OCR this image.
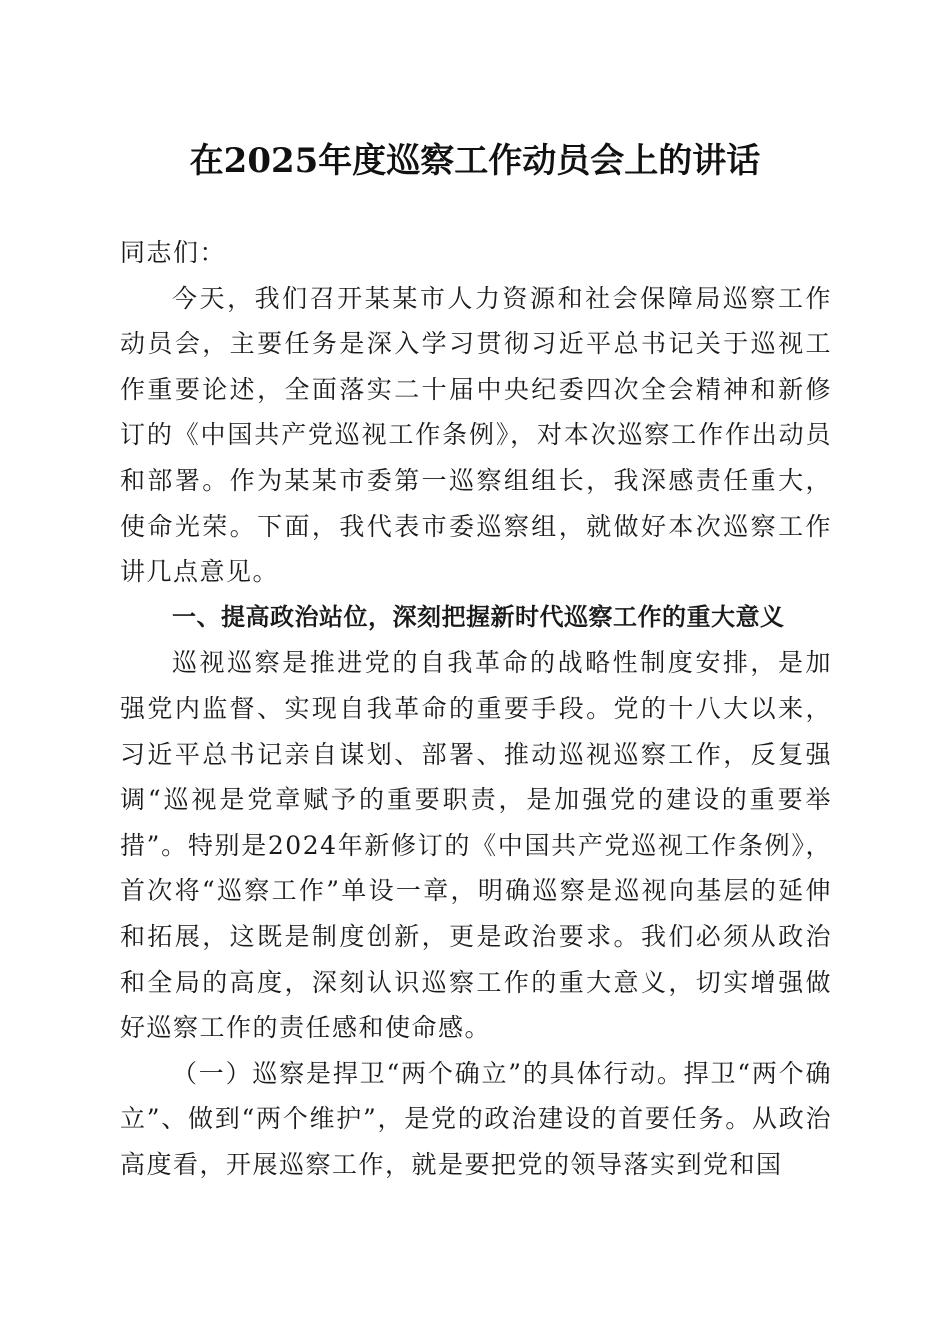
在2025年度巡察工作动员会上的讲话

同志们：

今天，我们召开某某市人力资源和社会保障局巡察工作动员会，主要任务是深入学习贯彻习近平总书记关于巡视工作重要论述，全面落实二十届中央纪委四次全会精神和新修订的《中国共产党巡视工作条例》，对本次巡察工作作出动员和部署。作为某某市委第一巡察组组长，我深感责任重大，使命光荣。下面，我代表市委巡察组，就做好本次巡察工作讲几点意见。

一、提高政治站位，深刻把握新时代巡察工作的重大意义

巡视巡察是推进党的自我革命的战略性制度安排，是加强党内监督、实现自我革命的重要手段。党的十八大以来，习近平总书记亲自谋划、部署、推动巡视巡察工作，反复强调“巡视是党章赋予的重要职责，是加强党的建设的重要举措”。特别是2024年新修订的《中国共产党巡视工作条例》，首次将“巡察工作”单设一章，明确巡察是巡视向基层的延伸和拓展，这既是制度创新，更是政治要求。我们必须从政治和全局的高度，深刻认识巡察工作的重大意义，切实增强做好巡察工作的责任感和使命感。

（一）巡察是捍卫“两个确立”的具体行动。捍卫“两个确立”、做到“两个维护”，是党的政治建设的首要任务。从政治高度看，开展巡察工作，就是要把党的领导落实到党和国
